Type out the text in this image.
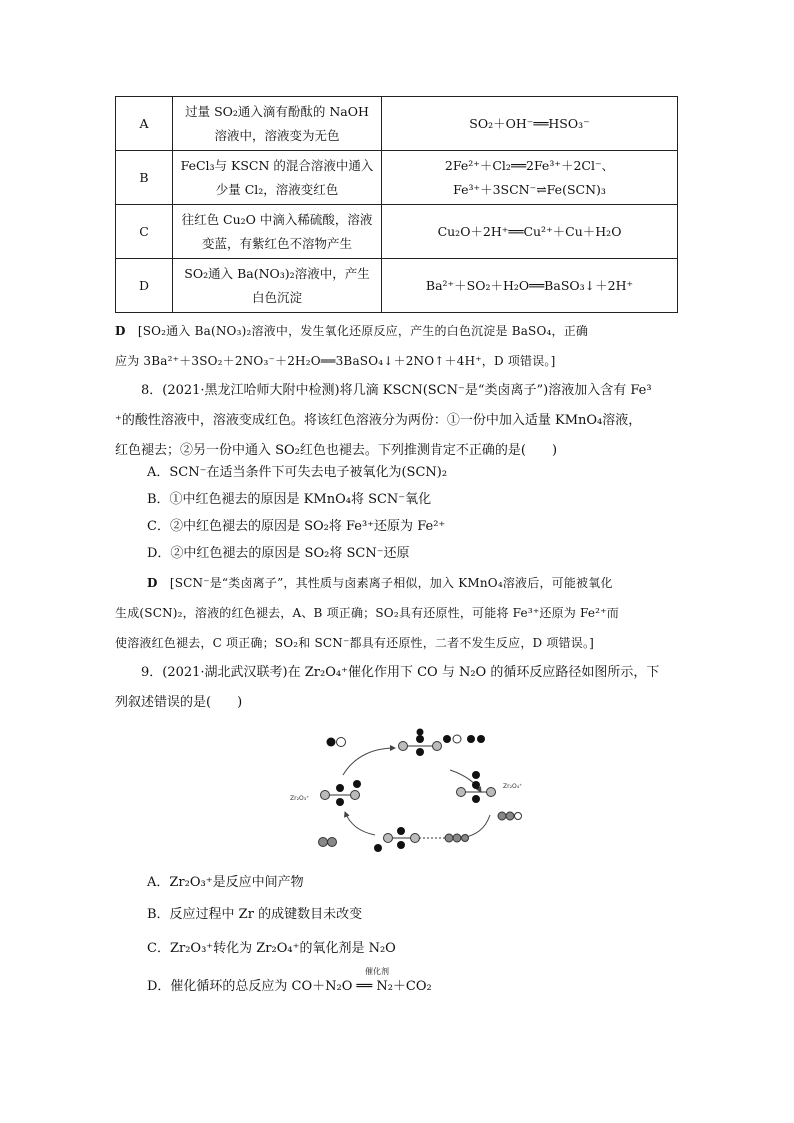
A	过量 SO₂通入滴有酚酞的 NaOH
溶液中，溶液变为无色	SO₂＋OH⁻══HSO₃⁻
B	FeCl₃与 KSCN 的混合溶液中通入
少量 Cl₂，溶液变红色	2Fe²⁺＋Cl₂══2Fe³⁺＋2Cl⁻、
Fe³⁺＋3SCN⁻⇌Fe(SCN)₃
C	往红色 Cu₂O 中滴入稀硫酸，溶液
变蓝，有紫红色不溶物产生	Cu₂O＋2H⁺══Cu²⁺＋Cu＋H₂O
D	SO₂通入 Ba(NO₃)₂溶液中，产生
白色沉淀	Ba²⁺＋SO₂＋H₂O══BaSO₃↓＋2H⁺
D　 [SO₂通入 Ba(NO₃)₂溶液中，发生氧化还原反应，产生的白色沉淀是 BaSO₄，正确
应为 3Ba²⁺＋3SO₂＋2NO₃⁻＋2H₂O══3BaSO₄↓＋2NO↑＋4H⁺，D 项错误。]
8．(2021·黑龙江哈师大附中检测)将几滴 KSCN(SCN⁻是“类卤离子”)溶液加入含有 Fe³
⁺的酸性溶液中，溶液变成红色。将该红色溶液分为两份：①一份中加入适量 KMnO₄溶液，
红色褪去；②另一份中通入 SO₂红色也褪去。下列推测肯定不正确的是(　　)
A．SCN⁻在适当条件下可失去电子被氧化为(SCN)₂
B．①中红色褪去的原因是 KMnO₄将 SCN⁻氧化
C．②中红色褪去的原因是 SO₂将 Fe³⁺还原为 Fe²⁺
D．②中红色褪去的原因是 SO₂将 SCN⁻还原
D　 [SCN⁻是“类卤离子”，其性质与卤素离子相似，加入 KMnO₄溶液后，可能被氧化
生成(SCN)₂，溶液的红色褪去，A、B 项正确；SO₂具有还原性，可能将 Fe³⁺还原为 Fe²⁺而
使溶液红色褪去，C 项正确；SO₂和 SCN⁻都具有还原性，二者不发生反应，D 项错误。]
9．(2021·湖北武汉联考)在 Zr₂O₄⁺催化作用下 CO 与 N₂O 的循环反应路径如图所示，下
列叙述错误的是(　　)
Zr₂O₃⁺
Zr₂O₄⁺
A．Zr₂O₃⁺是反应中间产物
B．反应过程中 Zr 的成键数目未改变
C．Zr₂O₃⁺转化为 Zr₂O₄⁺的氧化剂是 N₂O
D．催化循环的总反应为 CO＋N₂O ══ N₂＋CO₂
催化剂
